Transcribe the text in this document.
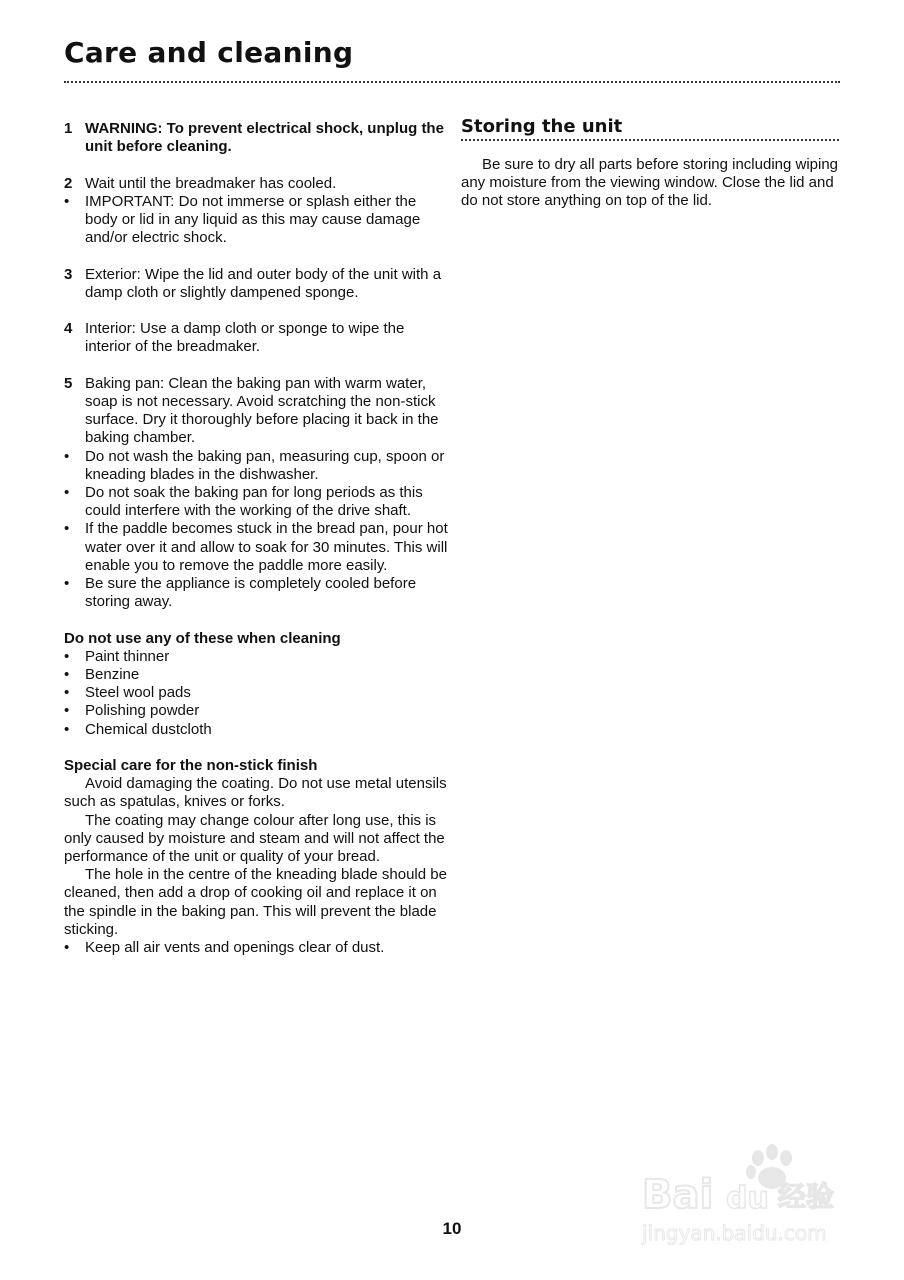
Care and cleaning
1 WARNING: To prevent electrical shock, unplug the unit before cleaning.
2 Wait until the breadmaker has cooled.
•	IMPORTANT: Do not immerse or splash either the body or lid in any liquid as this may cause damage and/or electric shock.
3 Exterior: Wipe the lid and outer body of the unit with a damp cloth or slightly dampened sponge.
4 Interior: Use a damp cloth or sponge to wipe the interior of the breadmaker.
5 Baking pan: Clean the baking pan with warm water, soap is not necessary. Avoid scratching the non-stick surface. Dry it thoroughly before placing it back in the baking chamber.
•	Do not wash the baking pan, measuring cup, spoon or kneading blades in the dishwasher.
•	Do not soak the baking pan for long periods as this could interfere with the working of the drive shaft.
•	If the paddle becomes stuck in the bread pan, pour hot water over it and allow to soak for 30 minutes. This will enable you to remove the paddle more easily.
•	Be sure the appliance is completely cooled before storing away.
Do not use any of these when cleaning
•	Paint thinner
•	Benzine
•	Steel wool pads
•	Polishing powder
•	Chemical dustcloth
Special care for the non-stick finish
Avoid damaging the coating. Do not use metal utensils such as spatulas, knives or forks.
The coating may change colour after long use, this is only caused by moisture and steam and will not affect the performance of the unit or quality of your bread.
The hole in the centre of the kneading blade should be cleaned, then add a drop of cooking oil and replace it on the spindle in the baking pan. This will prevent the blade sticking.
•	Keep all air vents and openings clear of dust.
Storing the unit
Be sure to dry all parts before storing including wiping any moisture from the viewing window. Close the lid and do not store anything on top of the lid.
10
Bai du 经验
jingyan.baidu.com
